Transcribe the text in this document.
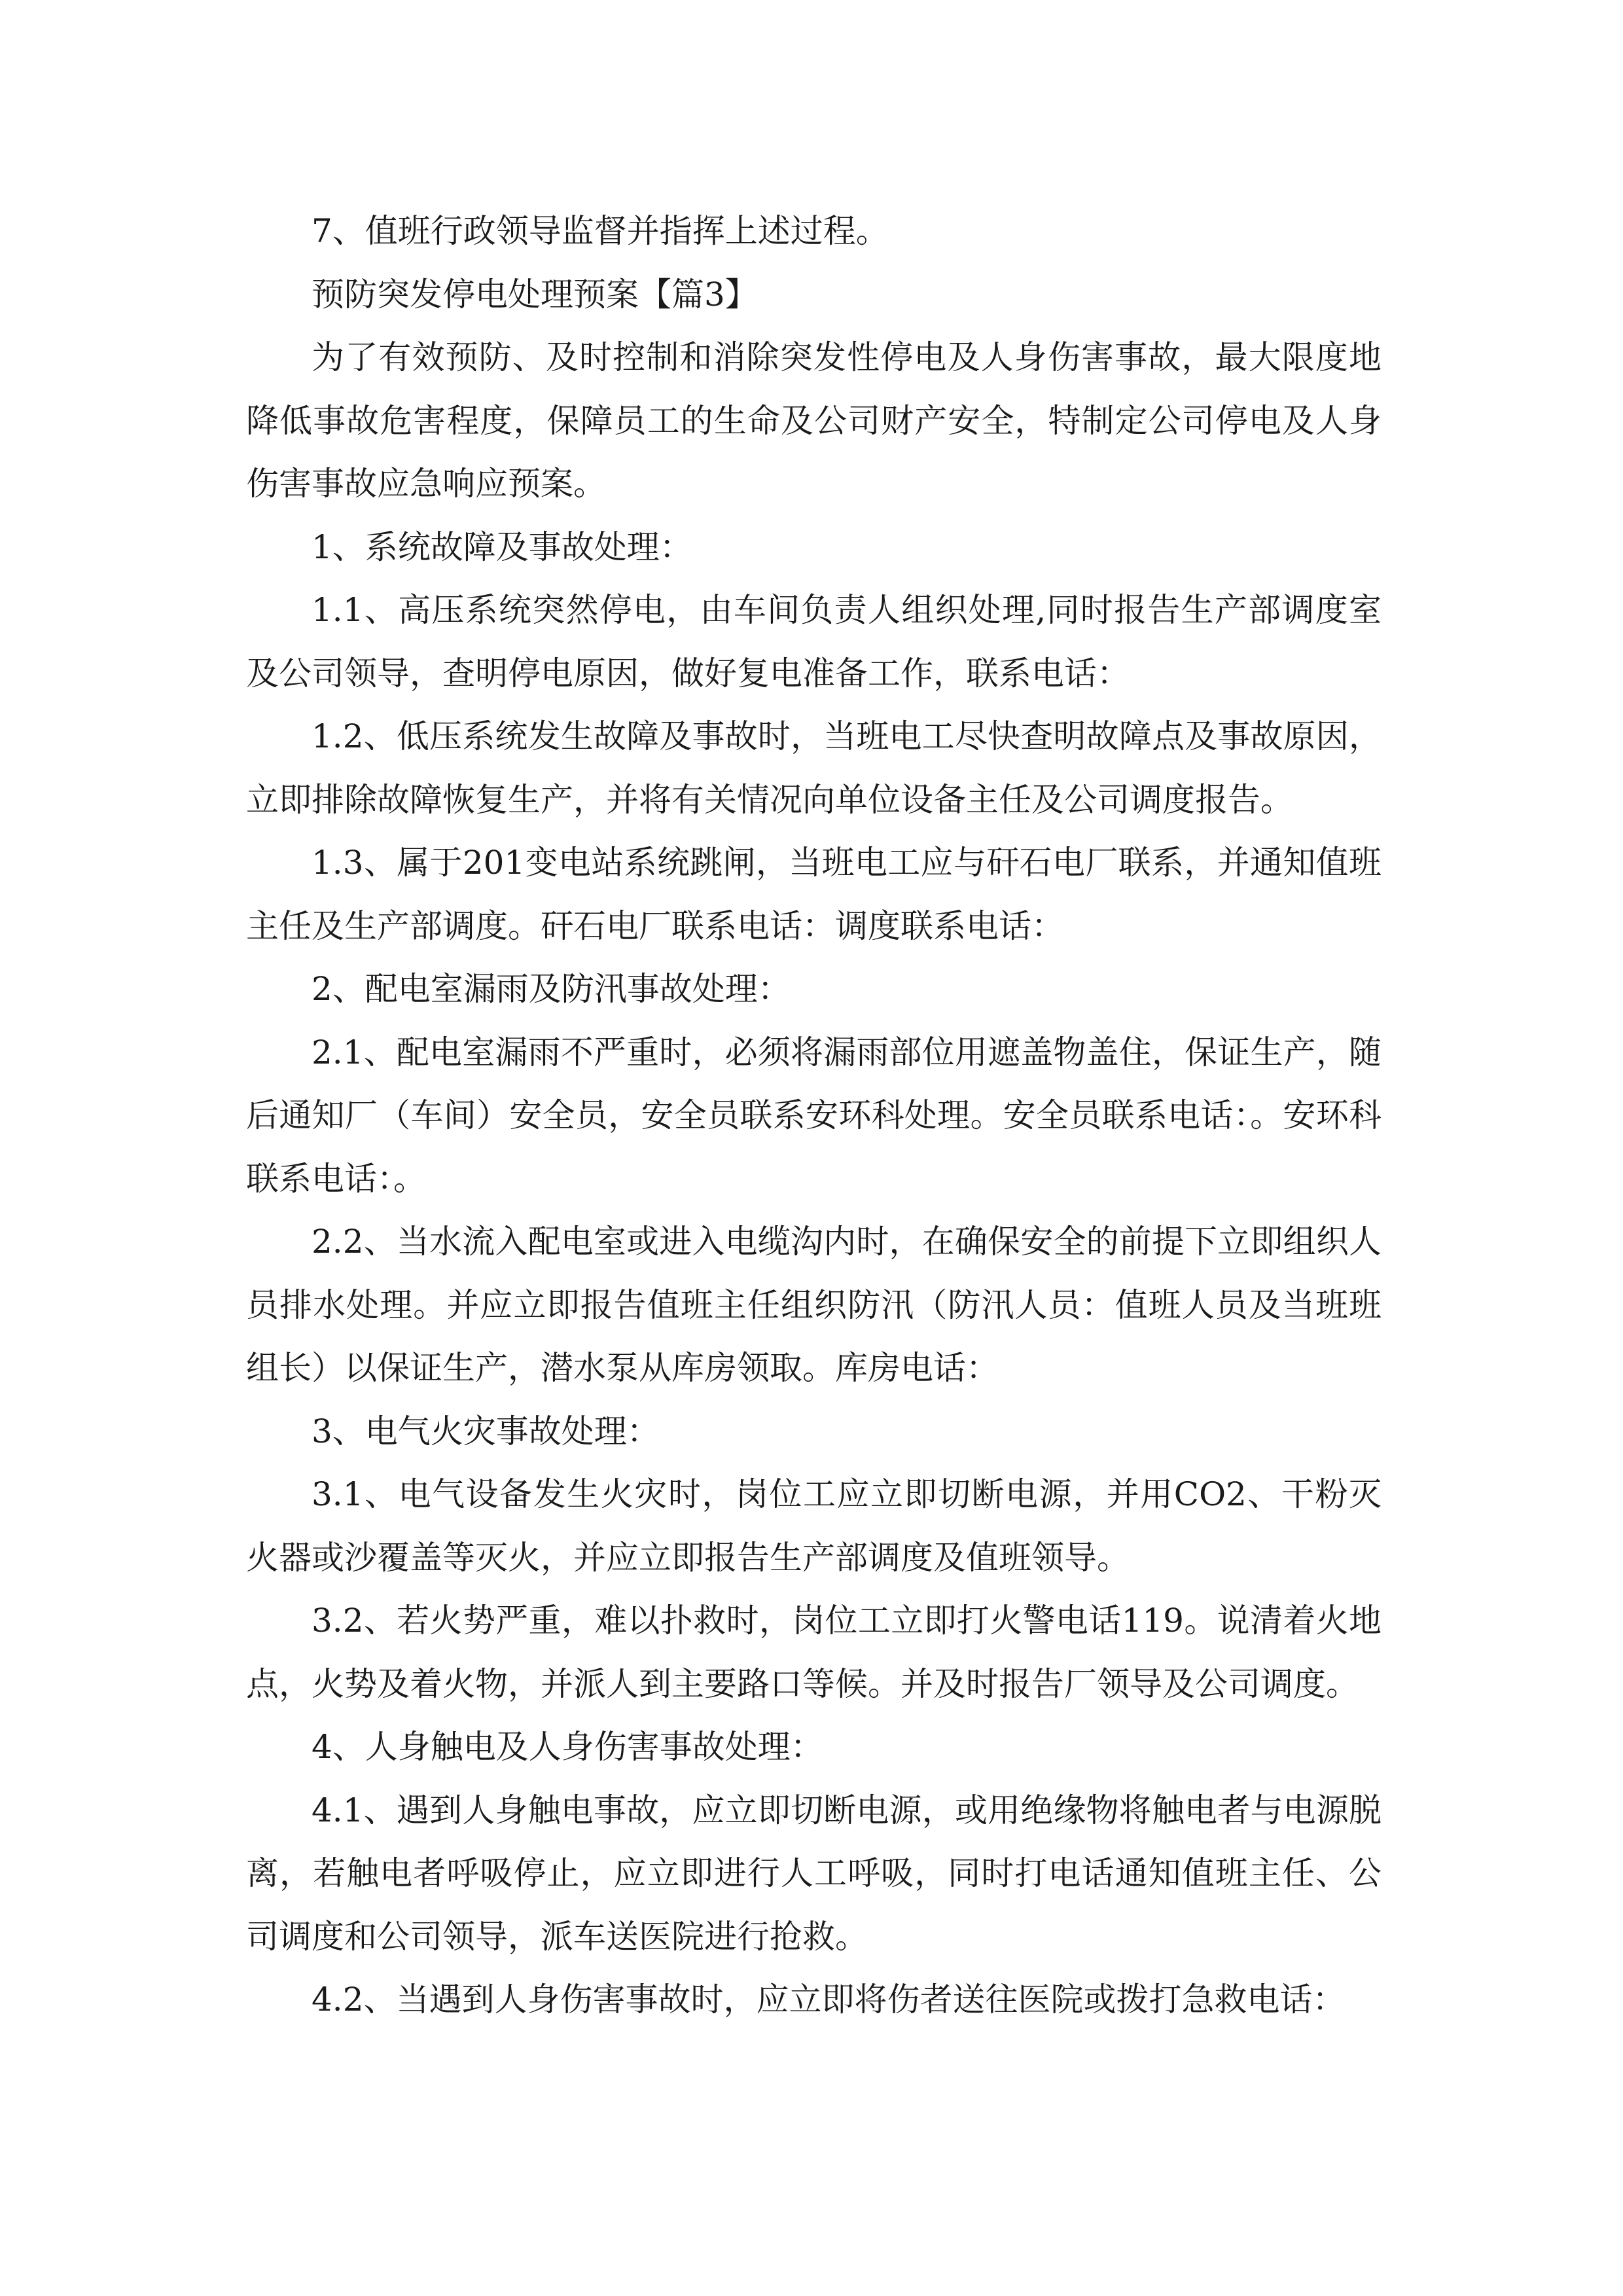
7、值班行政领导监督并指挥上述过程。

预防突发停电处理预案【篇3】

为了有效预防、及时控制和消除突发性停电及人身伤害事故，最大限度地降低事故危害程度，保障员工的生命及公司财产安全，特制定公司停电及人身伤害事故应急响应预案。

1、系统故障及事故处理：

1.1、高压系统突然停电，由车间负责人组织处理,同时报告生产部调度室及公司领导，查明停电原因，做好复电准备工作，联系电话：

1.2、低压系统发生故障及事故时，当班电工尽快查明故障点及事故原因，立即排除故障恢复生产，并将有关情况向单位设备主任及公司调度报告。

1.3、属于201变电站系统跳闸，当班电工应与矸石电厂联系，并通知值班主任及生产部调度。矸石电厂联系电话：调度联系电话：

2、配电室漏雨及防汛事故处理：

2.1、配电室漏雨不严重时，必须将漏雨部位用遮盖物盖住，保证生产，随后通知厂（车间）安全员，安全员联系安环科处理。安全员联系电话：。安环科联系电话：。

2.2、当水流入配电室或进入电缆沟内时，在确保安全的前提下立即组织人员排水处理。并应立即报告值班主任组织防汛（防汛人员：值班人员及当班班组长）以保证生产，潜水泵从库房领取。库房电话：

3、电气火灾事故处理：

3.1、电气设备发生火灾时，岗位工应立即切断电源，并用CO2、干粉灭火器或沙覆盖等灭火，并应立即报告生产部调度及值班领导。

3.2、若火势严重，难以扑救时，岗位工立即打火警电话119。说清着火地点，火势及着火物，并派人到主要路口等候。并及时报告厂领导及公司调度。

4、人身触电及人身伤害事故处理：

4.1、遇到人身触电事故，应立即切断电源，或用绝缘物将触电者与电源脱离，若触电者呼吸停止，应立即进行人工呼吸，同时打电话通知值班主任、公司调度和公司领导，派车送医院进行抢救。

4.2、当遇到人身伤害事故时，应立即将伤者送往医院或拨打急救电话：
